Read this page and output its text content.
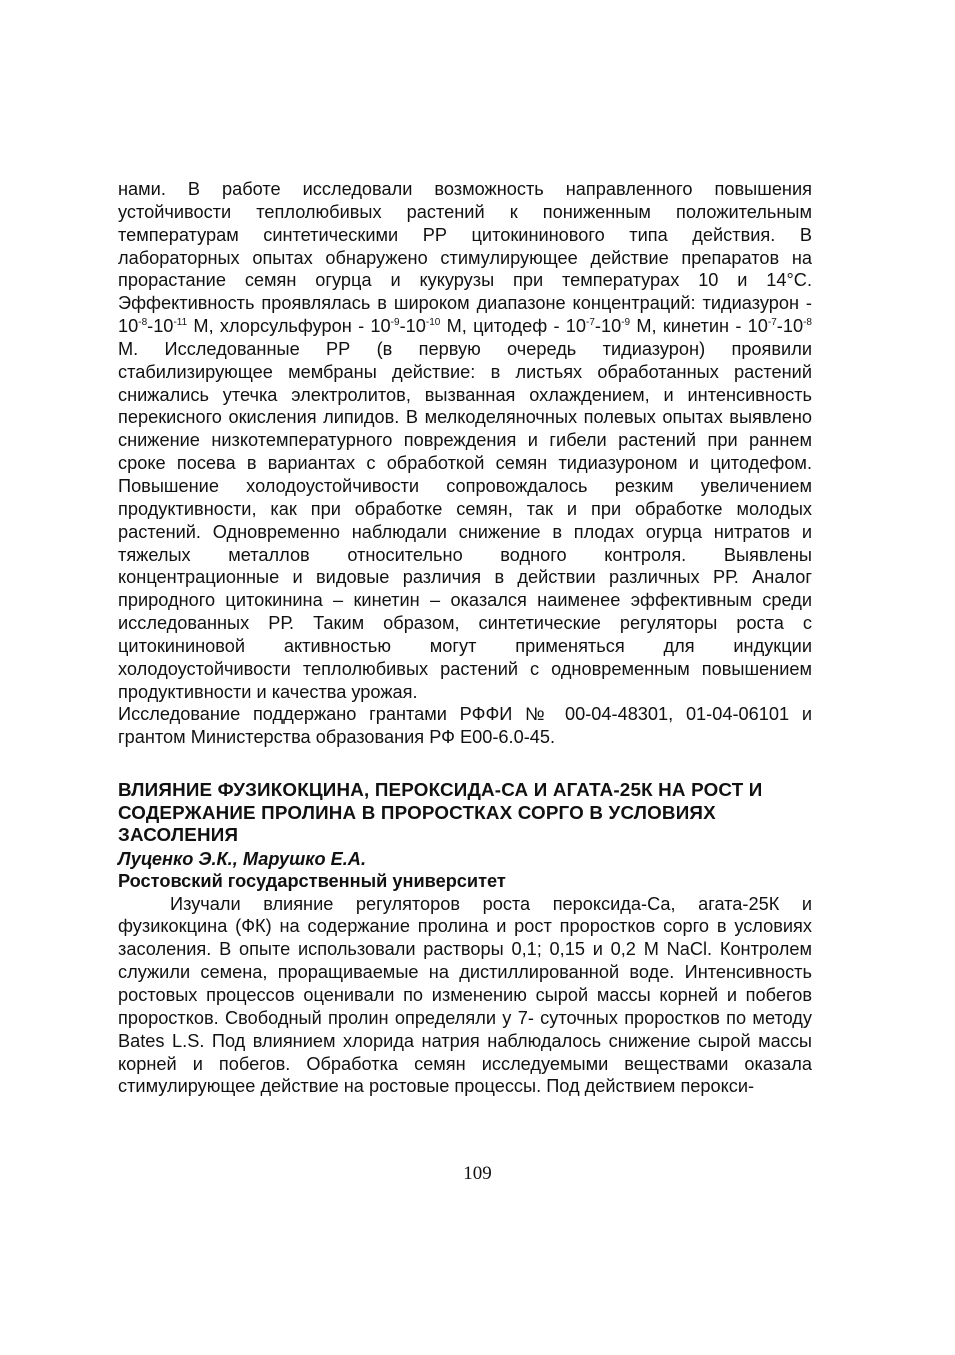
нами. В работе исследовали возможность направленного повышения устойчивости теплолюбивых растений к пониженным положительным температурам синтетическими РР цитокининового типа действия. В лабораторных опытах обнаружено стимулирующее действие препаратов на прорастание семян огурца и кукурузы при температурах 10 и 14°С. Эффективность проявлялась в широком диапазоне концентраций: тидиазурон - $10^{-8}-10^{-11}$ М, хлорсульфурон - $10^{-9}-10^{-10}$ М, цитодеф - $10^{-7}-10^{-9}$ М, кинетин - $10^{-7}-10^{-8}$ М. Исследованные РР (в первую очередь тидиазурон) проявили стабилизирующее мембраны действие: в листьях обработанных растений снижались утечка электролитов, вызванная охлаждением, и интенсивность перекисного окисления липидов. В мелкоделяночных полевых опытах выявлено снижение низкотемпературного повреждения и гибели растений при раннем сроке посева в вариантах с обработкой семян тидиазуроном и цитодефом. Повышение холодоустойчивости сопровождалось резким увеличением продуктивности, как при обработке семян, так и при обработке молодых растений. Одновременно наблюдали снижение в плодах огурца нитратов и тяжелых металлов относительно водного контроля. Выявлены концентрационные и видовые различия в действии различных РР. Аналог природного цитокинина – кинетин – оказался наименее эффективным среди исследованных РР. Таким образом, синтетические регуляторы роста с цитокининовой активностью могут применяться для индукции холодоустойчивости теплолюбивых растений с одновременным повышением продуктивности и качества урожая.

Исследование поддержано грантами РФФИ № 00-04-48301, 01-04-06101 и грантом Министерства образования РФ Е00-6.0-45.

ВЛИЯНИЕ ФУЗИКОКЦИНА, ПЕРОКСИДА-СА И АГАТА-25К НА РОСТ И СОДЕРЖАНИЕ ПРОЛИНА В ПРОРОСТКАХ СОРГО В УСЛОВИЯХ ЗАСОЛЕНИЯ

Луценко Э.К., Марушко Е.А.

Ростовский государственный университет

Изучали влияние регуляторов роста пероксида-Са, агата-25К и фузикокцина (ФК) на содержание пролина и рост проростков сорго в условиях засоления. В опыте использовали растворы 0,1; 0,15 и 0,2 М NaCl. Контролем служили семена, проращиваемые на дистиллированной воде. Интенсивность ростовых процессов оценивали по изменению сырой массы корней и побегов проростков. Свободный пролин определяли у 7- суточных проростков по методу Bates L.S. Под влиянием хлорида натрия наблюдалось снижение сырой массы корней и побегов. Обработка семян исследуемыми веществами оказала стимулирующее действие на ростовые процессы. Под действием перокси-

109
